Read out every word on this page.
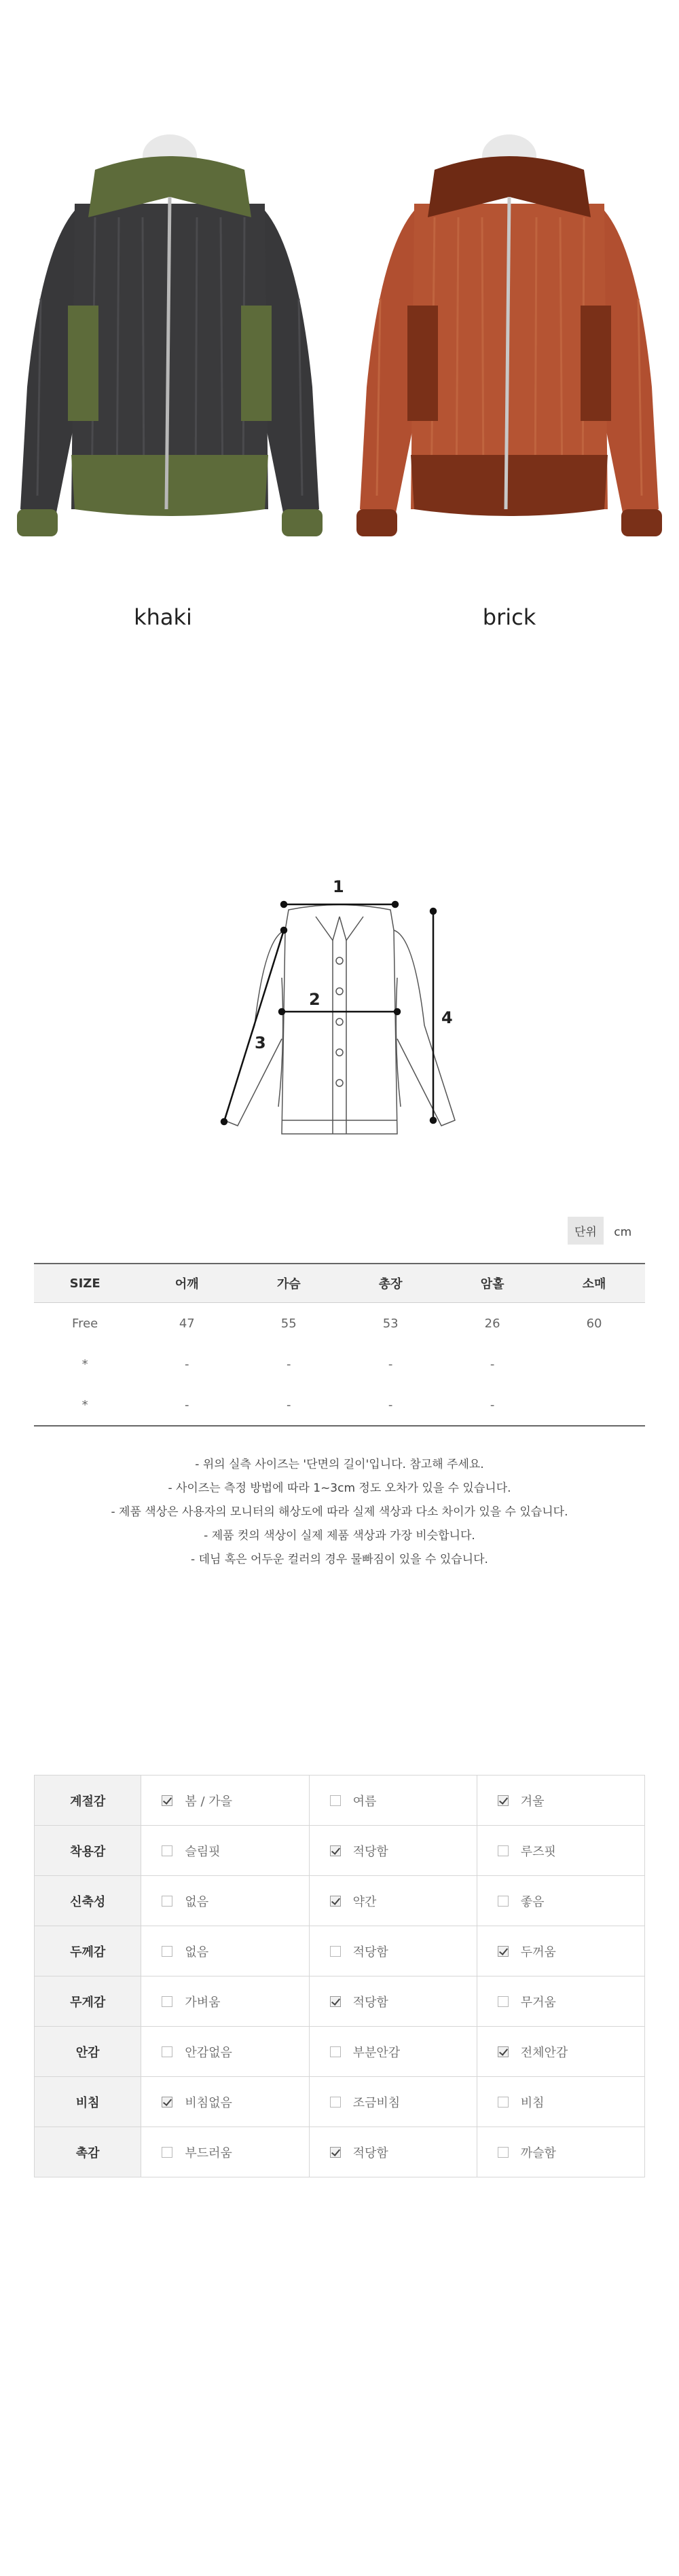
khaki	brick
1
2
3
4
단위 cm
SIZE	어깨	가슴	총장	암홀	소매
Free	47	55	53	26	60
*	-	-	-	-	
*	-	-	-	-	
- 위의 실측 사이즈는 '단면의 길이'입니다. 참고해 주세요.
- 사이즈는 측정 방법에 따라 1~3cm 정도 오차가 있을 수 있습니다.
- 제품 색상은 사용자의 모니터의 해상도에 따라 실제 색상과 다소 차이가 있을 수 있습니다.
- 제품 컷의 색상이 실제 제품 색상과 가장 비슷합니다.
- 데님 혹은 어두운 컬러의 경우 물빠짐이 있을 수 있습니다.
계절감	봄 / 가을	여름	겨울
착용감	슬림핏	적당함	루즈핏
신축성	없음	약간	좋음
두께감	없음	적당함	두꺼움
무게감	가벼움	적당함	무거움
안감	안감없음	부분안감	전체안감
비침	비침없음	조금비침	비침
촉감	부드러움	적당함	까슬함
